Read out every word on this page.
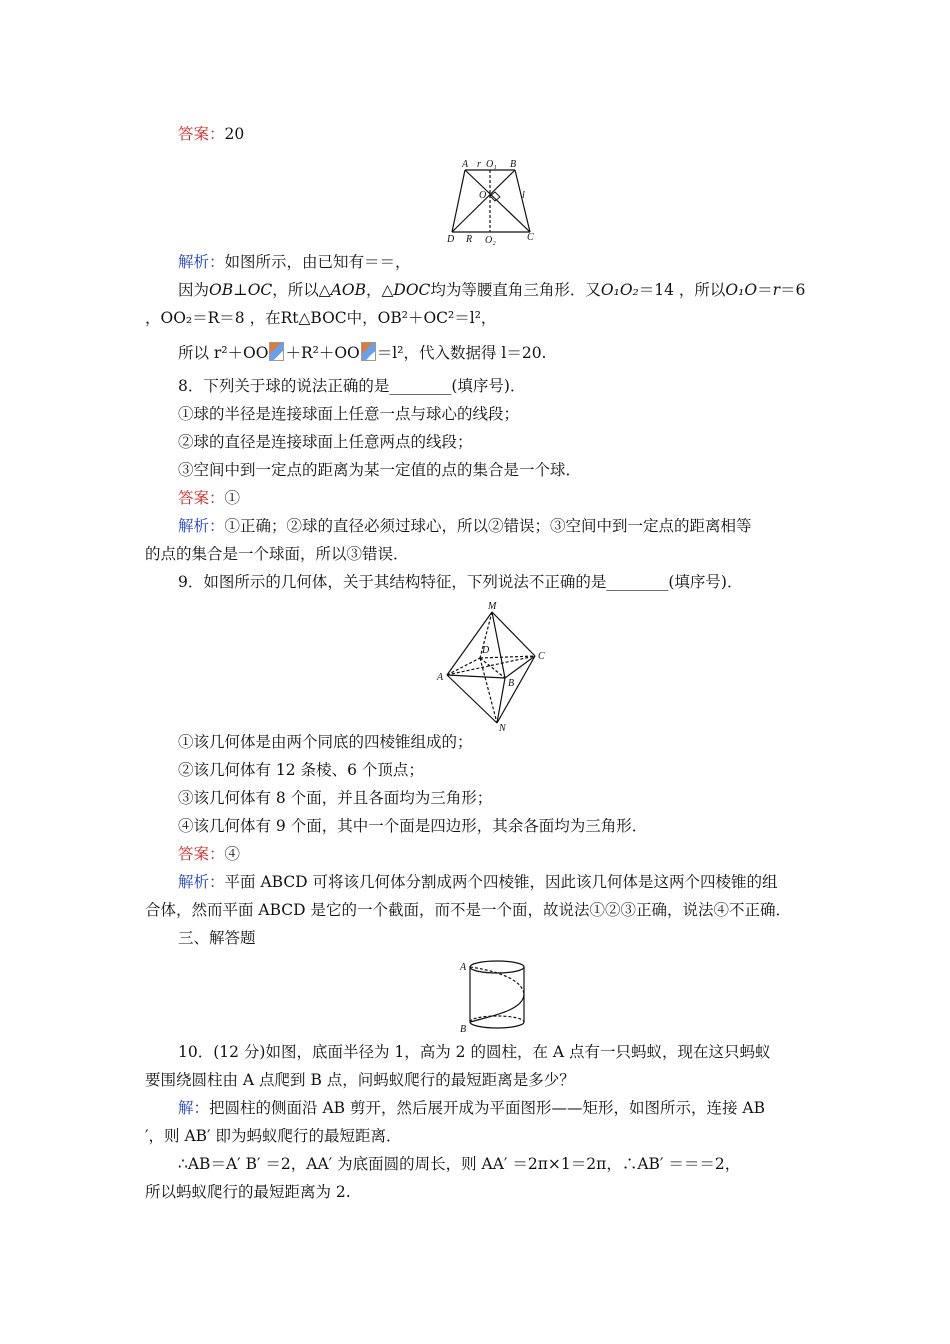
答案：20
A r O₁ B
O	l
D R O₂	C
解析：如图所示，由已知有＝＝，
因为OB⊥OC，所以△AOB，△DOC均为等腰直角三角形．又O₁O₂＝14 ，所以O₁O＝r＝6
，OO₂＝R＝8 ，在Rt△BOC中，OB²＋OC²＝l²，
所以 r²＋OO ＋R²＋OO ＝l²，代入数据得 l＝20.
8．下列关于球的说法正确的是________(填序号)．
①球的半径是连接球面上任意一点与球心的线段；
②球的直径是连接球面上任意两点的线段；
③空间中到一定点的距离为某一定值的点的集合是一个球．
答案：①
解析：①正确；②球的直径必须过球心，所以②错误；③空间中到一定点的距离相等
的点的集合是一个球面，所以③错误．
9．如图所示的几何体，关于其结构特征，下列说法不正确的是________(填序号)．
M
D
C
A
B
N
①该几何体是由两个同底的四棱锥组成的；
②该几何体有 12 条棱、6 个顶点；
③该几何体有 8 个面，并且各面均为三角形；
④该几何体有 9 个面，其中一个面是四边形，其余各面均为三角形．
答案：④
解析：平面 ABCD 可将该几何体分割成两个四棱锥，因此该几何体是这两个四棱锥的组
合体，然而平面 ABCD 是它的一个截面，而不是一个面，故说法①②③正确，说法④不正确．
三、解答题
A
B
10．(12 分)如图，底面半径为 1，高为 2 的圆柱，在 A 点有一只蚂蚁，现在这只蚂蚁
要围绕圆柱由 A 点爬到 B 点，问蚂蚁爬行的最短距离是多少？
解：把圆柱的侧面沿 AB 剪开，然后展开成为平面图形——矩形，如图所示，连接 AB
′，则 AB′ 即为蚂蚁爬行的最短距离．
∴AB＝A′ B′ ＝2，AA′ 为底面圆的周长，则 AA′ ＝2π×1＝2π，∴AB′ ＝＝＝2，
所以蚂蚁爬行的最短距离为 2.
